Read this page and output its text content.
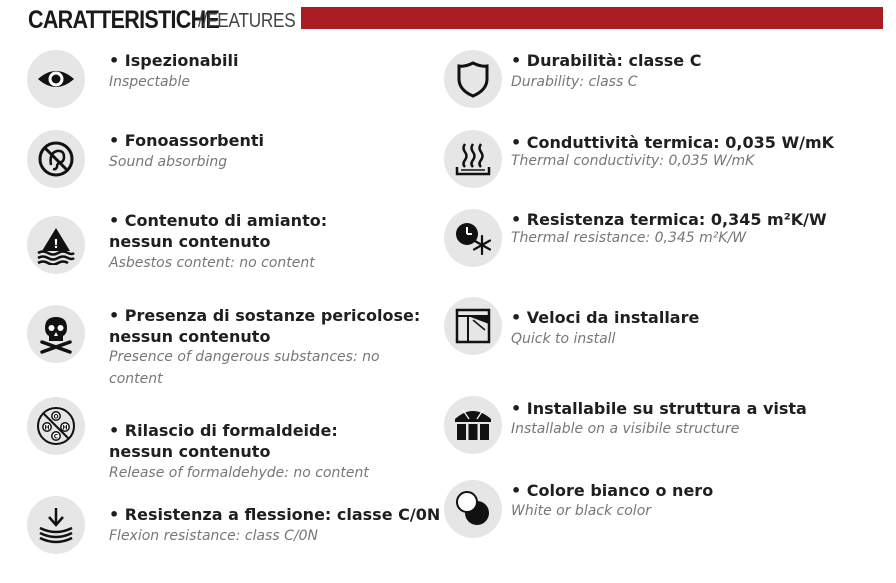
CARATTERISTICHE
//FEATURES
• Ispezionabili
Inspectable
• Fonoassorbenti
Sound absorbing
!
• Contenuto di amianto:
nessun contenuto
Asbestos content: no content
• Presenza di sostanze pericolose:
nessun contenuto
Presence of dangerous substances: no
content
O
H H
C	• Rilascio di formaldeide:
nessun contenuto
Release of formaldehyde: no content
• Resistenza a flessione: classe C/0N
Flexion resistance: class C/0N
• Durabilità: classe C
Durability: class C
• Conduttività termica: 0,035 W/mK
Thermal conductivity: 0,035 W/mK
• Resistenza termica: 0,345 m²K/W
Thermal resistance: 0,345 m²K/W
• Veloci da installare
Quick to install
• Installabile su struttura a vista
Installable on a visibile structure
• Colore bianco o nero
White or black color
